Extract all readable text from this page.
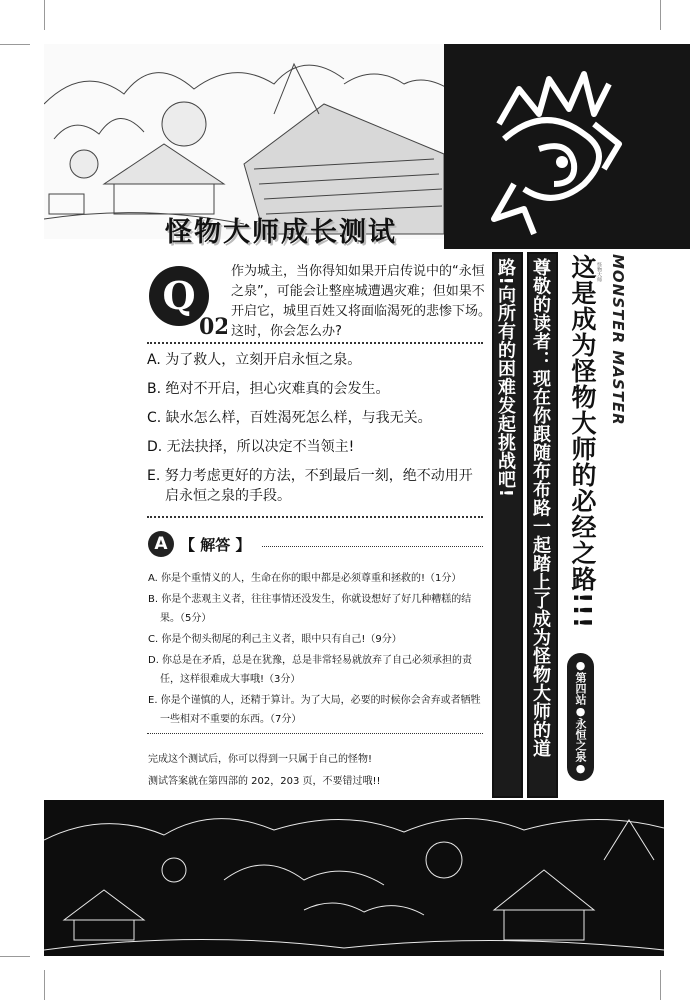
怪物大师成长测试
Q
02
作为城主，当你得知如果开启传说中的“永恒之泉”，可能会让整座城遭遇灾难；但如果不开启它，城里百姓又将面临渴死的悲惨下场。这时，你会怎么办?
A. 为了救人，立刻开启永恒之泉。
B. 绝对不开启，担心灾难真的会发生。
C. 缺水怎么样，百姓渴死怎么样，与我无关。
D. 无法抉择，所以决定不当领主!
E. 努力考虑更好的方法，不到最后一刻，绝不动用开启永恒之泉的手段。
A 【 解答 】
A. 你是个重情义的人，生命在你的眼中都是必须尊重和拯救的!（1分）
B. 你是个悲观主义者，往往事情还没发生，你就设想好了好几种糟糕的结果。（5分）
C. 你是个彻头彻尾的利己主义者，眼中只有自己!（9分）
D. 你总是在矛盾，总是在犹豫，总是非常轻易就放弃了自己必须承担的责任，这样很难成大事哦!（3分）
E. 你是个谨慎的人，还精于算计。为了大局，必要的时候你会舍弃或者牺牲一些相对不重要的东西。（7分）
完成这个测试后，你可以得到一只属于自己的怪物!
测试答案就在第四部的 202，203 页，不要错过哦!!
这是成为怪物大师的必经之路!!! MONSTER MASTER
怪物大师
尊敬的读者：现在你跟随布布路一起踏上了成为怪物大师的道
路!向所有的困难发起挑战吧!
●第四站●永恒之泉●
